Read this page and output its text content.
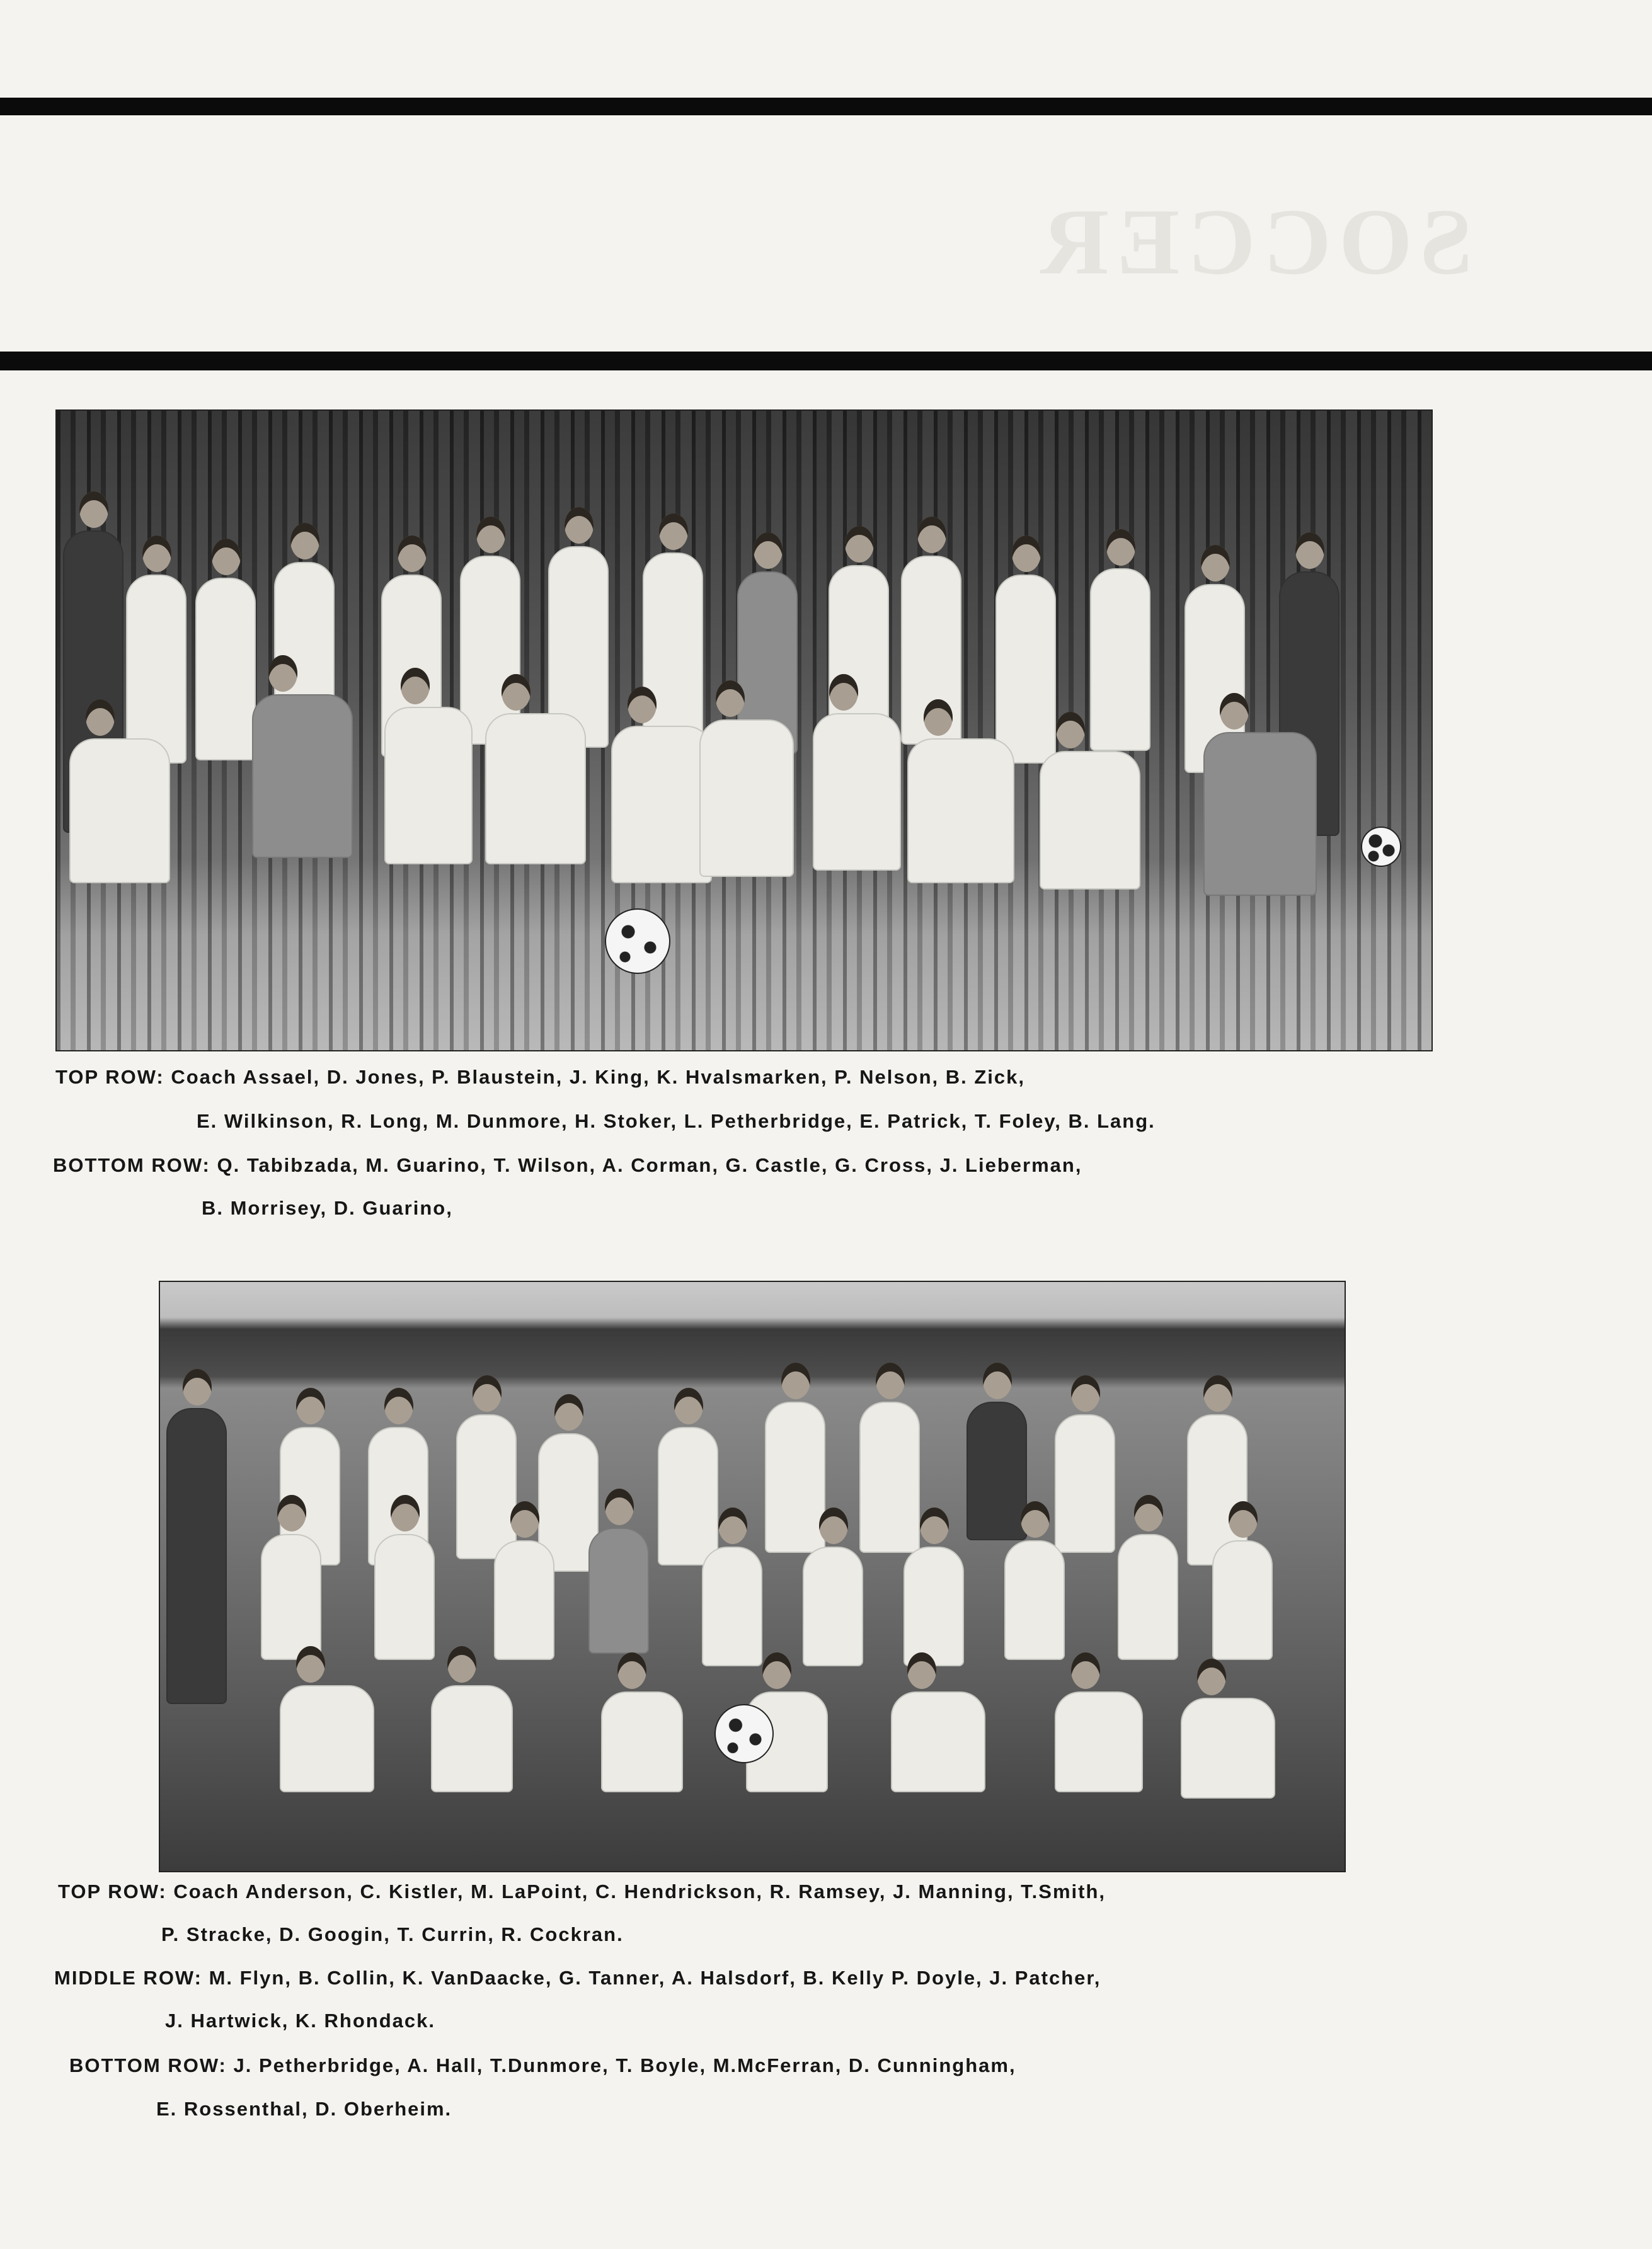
SOCCER
TOP ROW: Coach Assael, D. Jones, P. Blaustein, J. King, K. Hvalsmarken, P. Nelson, B. Zick,
E. Wilkinson, R. Long, M. Dunmore, H. Stoker, L. Petherbridge, E. Patrick, T. Foley, B. Lang.
BOTTOM ROW: Q. Tabibzada, M. Guarino, T. Wilson, A. Corman, G. Castle, G. Cross, J. Lieberman,
B. Morrisey, D. Guarino,
TOP ROW: Coach Anderson, C. Kistler, M. LaPoint, C. Hendrickson, R. Ramsey, J. Manning, T.Smith,
P. Stracke, D. Googin, T. Currin, R. Cockran.
MIDDLE ROW: M. Flyn, B. Collin, K. VanDaacke, G. Tanner, A. Halsdorf, B. Kelly P. Doyle, J. Patcher,
J. Hartwick, K. Rhondack.
BOTTOM ROW: J. Petherbridge, A. Hall, T.Dunmore, T. Boyle, M.McFerran, D. Cunningham,
E. Rossenthal, D. Oberheim.
